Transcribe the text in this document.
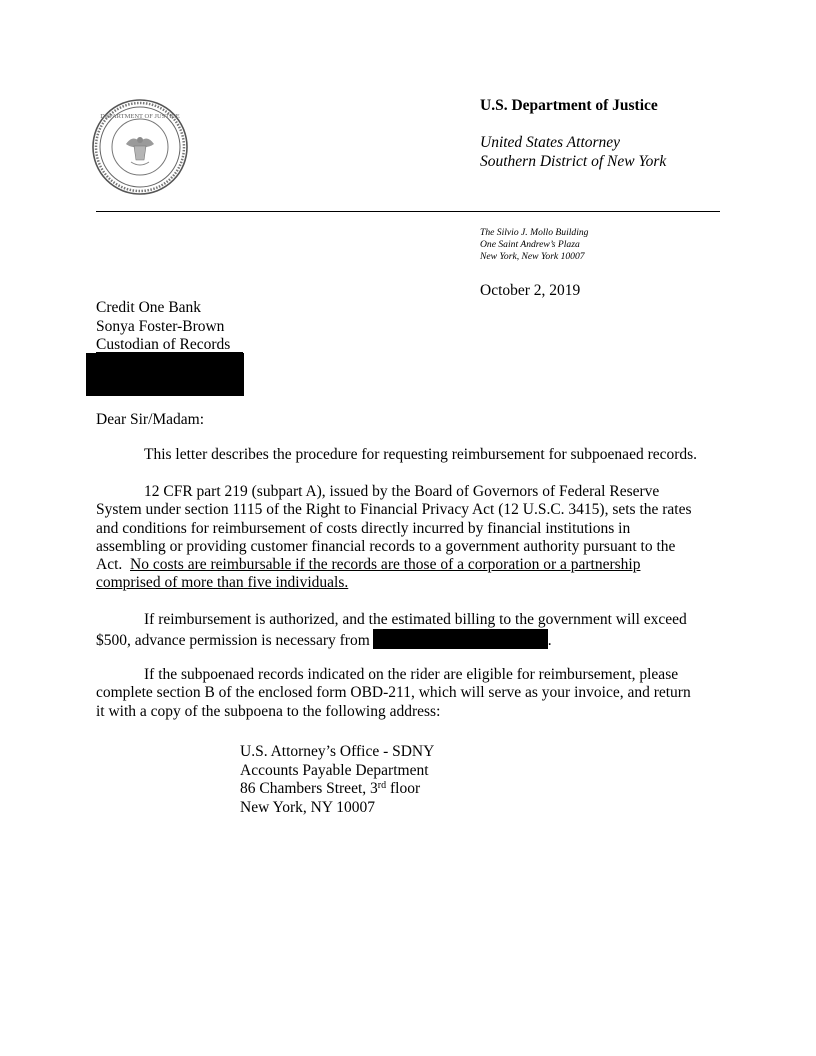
DEPARTMENT OF JUSTICE
U.S. Department of Justice
United States Attorney
Southern District of New York
The Silvio J. Mollo Building
One Saint Andrew’s Plaza
New York, New York 10007
October 2, 2019
Credit One Bank
Sonya Foster-Brown
Custodian of Records
Dear Sir/Madam:
This letter describes the procedure for requesting reimbursement for subpoenaed records.
12 CFR part 219 (subpart A), issued by the Board of Governors of Federal Reserve
System under section 1115 of the Right to Financial Privacy Act (12 U.S.C. 3415), sets the rates
and conditions for reimbursement of costs directly incurred by financial institutions in
assembling or providing customer financial records to a government authority pursuant to the
Act.  No costs are reimbursable if the records are those of a corporation or a partnership
comprised of more than five individuals.
If reimbursement is authorized, and the estimated billing to the government will exceed
$500, advance permission is necessary from	.
If the subpoenaed records indicated on the rider are eligible for reimbursement, please
complete section B of the enclosed form OBD-211, which will serve as your invoice, and return
it with a copy of the subpoena to the following address:
U.S. Attorney’s Office - SDNY
Accounts Payable Department
86 Chambers Street, 3rd floor
New York, NY 10007
